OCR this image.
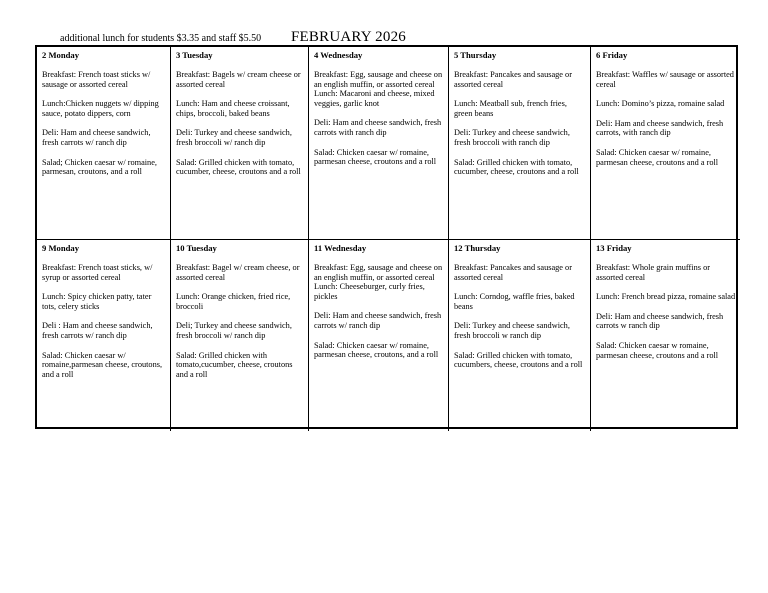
additional lunch for students $3.35 and staff $5.50 FEBRUARY 2026
2 Monday
Breakfast: French toast sticks w/ sausage or assorted cereal
Lunch:Chicken nuggets w/ dipping sauce, potato dippers, corn
Deli: Ham and cheese sandwich, fresh carrots w/ ranch dip
Salad; Chicken caesar w/ romaine, parmesan, croutons, and a roll
3 Tuesday
Breakfast: Bagels w/ cream cheese or assorted cereal
Lunch: Ham and cheese croissant, chips, broccoli, baked beans
Deli: Turkey and cheese sandwich, fresh broccoli w/ ranch dip
Salad: Grilled chicken with tomato, cucumber, cheese, croutons and a roll
4 Wednesday
Breakfast: Egg, sausage and cheese on an english muffin, or assorted cereal
Lunch: Macaroni and cheese, mixed veggies, garlic knot
Deli: Ham and cheese sandwich, fresh carrots with ranch dip
Salad: Chicken caesar w/ romaine, parmesan cheese, croutons and a roll
5 Thursday
Breakfast: Pancakes and sausage or assorted cereal
Lunch: Meatball sub, french fries, green beans
Deli: Turkey and cheese sandwich, fresh broccoli with ranch dip
Salad: Grilled chicken with tomato, cucumber, cheese, croutons and a roll
6 Friday
Breakfast: Waffles w/ sausage or assorted cereal
Lunch: Domino’s pizza, romaine salad
Deli: Ham and cheese sandwich, fresh carrots, with ranch dip
Salad: Chicken caesar w/ romaine, parmesan cheese, croutons and a roll
9 Monday
Breakfast: French toast sticks, w/ syrup or assorted cereal
Lunch: Spicy chicken patty, tater tots, celery sticks
Deli : Ham and cheese sandwich, fresh carrots w/ ranch dip
Salad: Chicken caesar w/ romaine,parmesan cheese, croutons, and a roll
10 Tuesday
Breakfast: Bagel w/ cream cheese, or assorted cereal
Lunch: Orange chicken, fried rice, broccoli
Deli; Turkey and cheese sandwich, fresh broccoli w/ ranch dip
Salad: Grilled chicken with tomato,cucumber, cheese, croutons and a roll
11 Wednesday
Breakfast: Egg, sausage and cheese on an english muffin, or assorted cereal
Lunch: Cheeseburger, curly fries, pickles
Deli: Ham and cheese sandwich, fresh carrots w/ ranch dip
Salad: Chicken caesar w/ romaine, parmesan cheese, croutons, and a roll
12 Thursday
Breakfast: Pancakes and sausage or assorted cereal
Lunch: Corndog, waffle fries, baked beans
Deli: Turkey and cheese sandwich, fresh broccoli w ranch dip
Salad: Grilled chicken with tomato, cucumbers, cheese, croutons and a roll
13 Friday
Breakfast: Whole grain muffins or assorted cereal
Lunch: French bread pizza, romaine salad
Deli: Ham and cheese sandwich, fresh carrots w ranch dip
Salad: Chicken caesar w romaine, parmesan cheese, croutons and a roll
